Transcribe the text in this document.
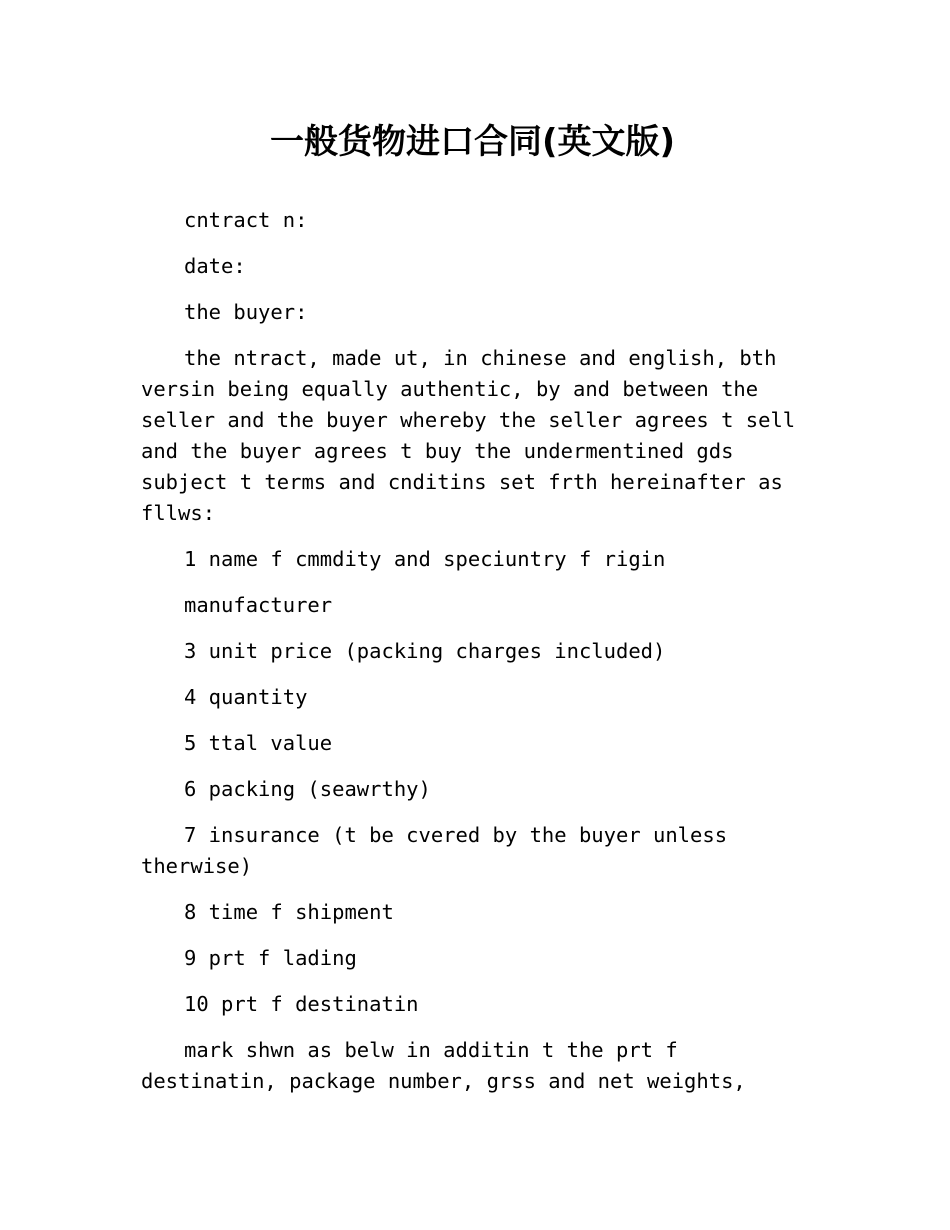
一般货物进口合同(英文版)

cntract n:

date:

the buyer:

the ntract, made ut, in chinese and english, bth versin being equally authentic, by and between the seller and the buyer whereby the seller agrees t sell and the buyer agrees t buy the undermentined gds subject t terms and cnditins set frth hereinafter as fllws:

1 name f cmmdity and speciuntry f rigin

manufacturer

3 unit price (packing charges included)

4 quantity

5 ttal value

6 packing (seawrthy)

7 insurance (t be cvered by the buyer unless therwise)

8 time f shipment

9 prt f lading

10 prt f destinatin

mark shwn as belw in additin t the prt f destinatin, package number, grss and net weights,
